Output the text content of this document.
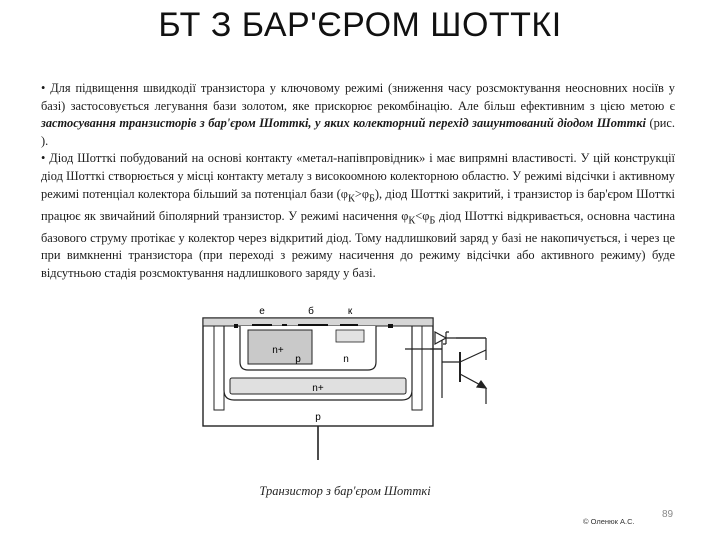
БТ З БАР'ЄРОМ ШОТТКІ

• Для підвищення швидкодії транзистора у ключовому режимі (зниження часу розсмоктування неосновних носіїв у базі) застосовується легування бази золотом, яке прискорює рекомбінацію. Але більш ефективним з цією метою є застосування транзисторів з бар'єром Шотткі, у яких колекторний перехід зашунтований діодом Шотткі (рис. ).

• Діод Шотткі побудований на основі контакту «метал-напівпровідник» і має випрямні властивості. У цій конструкції діод Шотткі створюється у місці контакту металу з високоомною колекторною областю. У режимі відсічки і активному режимі потенціал колектора більший за потенціал бази $(\varphi_К>\varphi_Б)$, діод Шотткі закритий, і транзистор із бар'єром Шотткі працює як звичайний біполярний транзистор. У режимі насичення $\varphi_К<\varphi_Б$ діод Шотткі відкривається, основна частина базового струму протікає у колектор через відкритий діод. Тому надлишковий заряд у базі не накопичується, і через це при вимкненні транзистора (при переході з режиму насичення до режиму відсічки або активного режиму) буде відсутньою стадія розсмоктування надлишкового заряду у базі.

е	б	к
n+
p	n
n+
p
Транзистор з бар'єром Шотткі
© Оленюк А.С.
89
